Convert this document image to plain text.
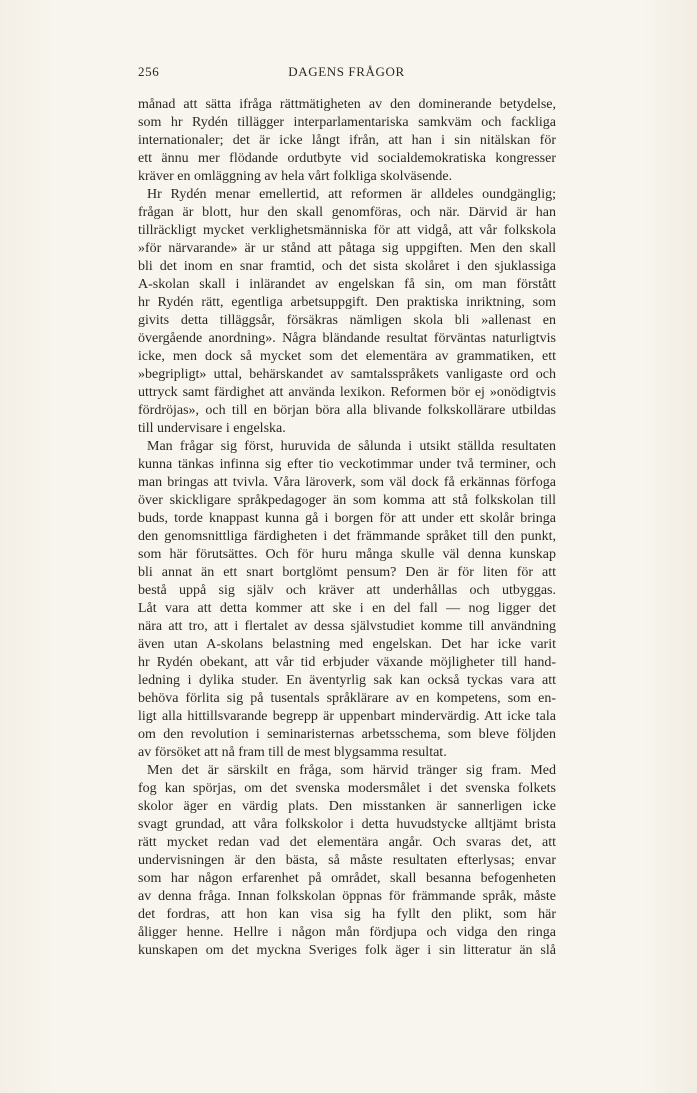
256	DAGENS FRÅGOR
månad att sätta ifråga rättmätigheten av den dominerande betydelse,
som hr Rydén tillägger interparlamentariska samkväm och fackliga
internationaler; det är icke långt ifrån, att han i sin nitälskan för
ett ännu mer flödande ordutbyte vid socialdemokratiska kongresser
kräver en omläggning av hela vårt folkliga skolväsende.
Hr Rydén menar emellertid, att reformen är alldeles oundgänglig;
frågan är blott, hur den skall genomföras, och när. Därvid är han
tillräckligt mycket verklighetsmänniska för att vidgå, att vår folkskola
»för närvarande» är ur stånd att påtaga sig uppgiften. Men den skall
bli det inom en snar framtid, och det sista skolåret i den sjuklassiga
A-skolan skall i inlärandet av engelskan få sin, om man förstått
hr Rydén rätt, egentliga arbetsuppgift. Den praktiska inriktning, som
givits detta tilläggsår, försäkras nämligen skola bli »allenast en
övergående anordning». Några bländande resultat förväntas naturligtvis
icke, men dock så mycket som det elementära av grammatiken, ett
»begripligt» uttal, behärskandet av samtalsspråkets vanligaste ord och
uttryck samt färdighet att använda lexikon. Reformen bör ej »onödigtvis
fördröjas», och till en början böra alla blivande folkskollärare utbildas
till undervisare i engelska.
Man frågar sig först, huruvida de sålunda i utsikt ställda resultaten
kunna tänkas infinna sig efter tio veckotimmar under två terminer, och
man bringas att tvivla. Våra läroverk, som väl dock få erkännas förfoga
över skickligare språkpedagoger än som komma att stå folkskolan till
buds, torde knappast kunna gå i borgen för att under ett skolår bringa
den genomsnittliga färdigheten i det främmande språket till den punkt,
som här förutsättes. Och för huru många skulle väl denna kunskap
bli annat än ett snart bortglömt pensum? Den är för liten för att
bestå uppå sig själv och kräver att underhållas och utbyggas.
Låt vara att detta kommer att ske i en del fall — nog ligger det
nära att tro, att i flertalet av dessa självstudiet komme till användning
även utan A-skolans belastning med engelskan. Det har icke varit
hr Rydén obekant, att vår tid erbjuder växande möjligheter till hand-
ledning i dylika studer. En äventyrlig sak kan också tyckas vara att
behöva förlita sig på tusentals språklärare av en kompetens, som en-
ligt alla hittillsvarande begrepp är uppenbart mindervärdig. Att icke tala
om den revolution i seminaristernas arbetsschema, som bleve följden
av försöket att nå fram till de mest blygsamma resultat.
Men det är särskilt en fråga, som härvid tränger sig fram. Med
fog kan spörjas, om det svenska modersmålet i det svenska folkets
skolor äger en värdig plats. Den misstanken är sannerligen icke
svagt grundad, att våra folkskolor i detta huvudstycke alltjämt brista
rätt mycket redan vad det elementära angår. Och svaras det, att
undervisningen är den bästa, så måste resultaten efterlysas; envar
som har någon erfarenhet på området, skall besanna befogenheten
av denna fråga. Innan folkskolan öppnas för främmande språk, måste
det fordras, att hon kan visa sig ha fyllt den plikt, som här
åligger henne. Hellre i någon mån fördjupa och vidga den ringa
kunskapen om det myckna Sveriges folk äger i sin litteratur än slå
